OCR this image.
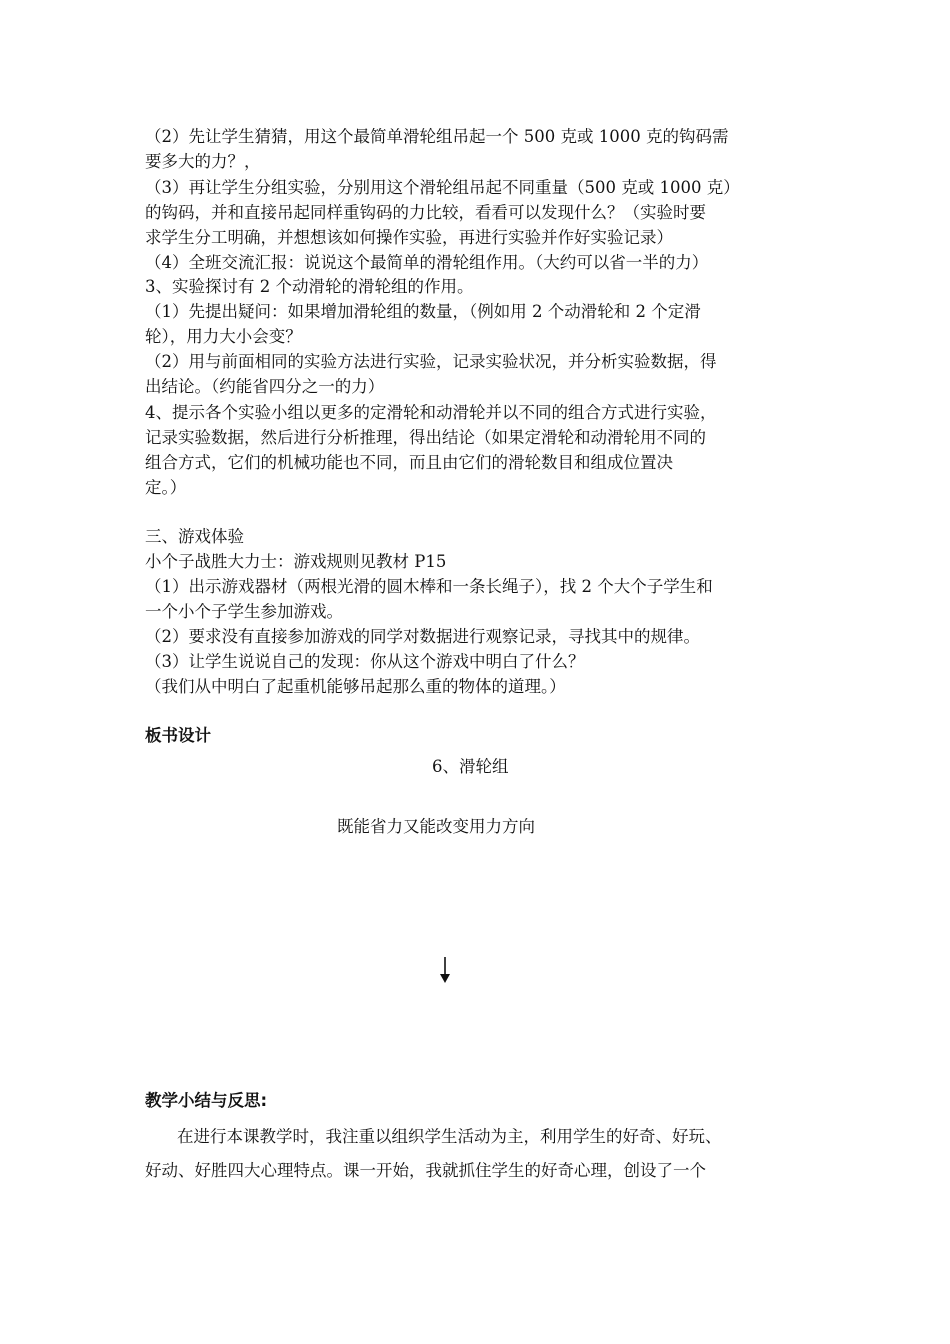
（2）先让学生猜猜，用这个最简单滑轮组吊起一个 500 克或 1000 克的钩码需
要多大的力？，
（3）再让学生分组实验，分别用这个滑轮组吊起不同重量（500 克或 1000 克）
的钩码，并和直接吊起同样重钩码的力比较，看看可以发现什么？（实验时要
求学生分工明确，并想想该如何操作实验，再进行实验并作好实验记录）
（4）全班交流汇报：说说这个最简单的滑轮组作用。（大约可以省一半的力）
3、实验探讨有 2 个动滑轮的滑轮组的作用。
（1）先提出疑问：如果增加滑轮组的数量，（例如用 2 个动滑轮和 2 个定滑
轮），用力大小会变？
（2）用与前面相同的实验方法进行实验，记录实验状况，并分析实验数据，得
出结论。（约能省四分之一的力）
4、提示各个实验小组以更多的定滑轮和动滑轮并以不同的组合方式进行实验，
记录实验数据，然后进行分析推理，得出结论（如果定滑轮和动滑轮用不同的
组合方式，它们的机械功能也不同，而且由它们的滑轮数目和组成位置决
定。）
三、游戏体验
小个子战胜大力士：游戏规则见教材 P15
（1）出示游戏器材（两根光滑的圆木棒和一条长绳子），找 2 个大个子学生和
一个小个子学生参加游戏。
（2）要求没有直接参加游戏的同学对数据进行观察记录，寻找其中的规律。
（3）让学生说说自己的发现：你从这个游戏中明白了什么？
（我们从中明白了起重机能够吊起那么重的物体的道理。）
板书设计
6、滑轮组
既能省力又能改变用力方向
教学小结与反思:
在进行本课教学时，我注重以组织学生活动为主，利用学生的好奇、好玩、
好动、好胜四大心理特点。课一开始，我就抓住学生的好奇心理，创设了一个
